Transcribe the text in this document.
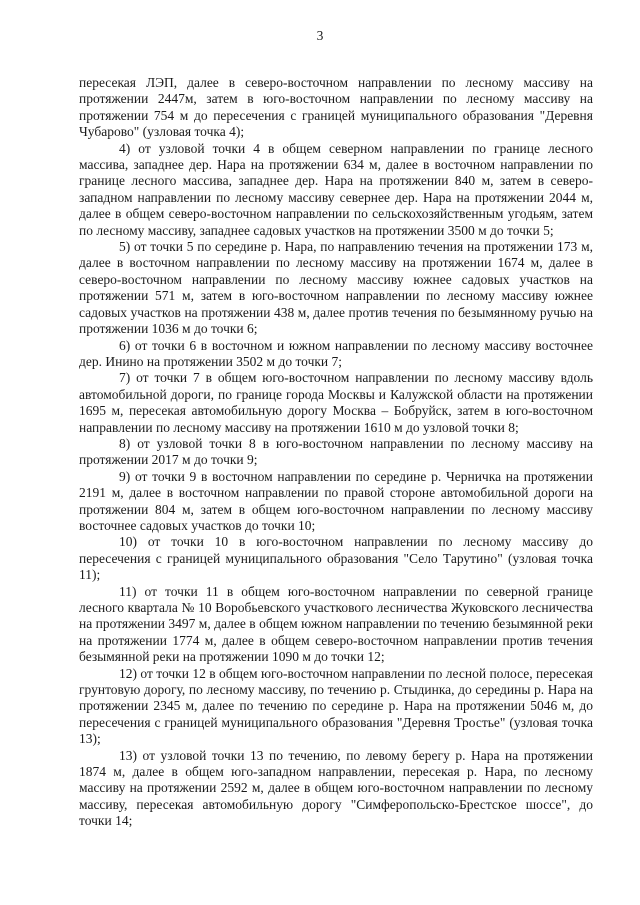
3

пересекая ЛЭП, далее в северо-восточном направлении по лесному массиву на протяжении 2447м, затем в юго-восточном направлении по лесному массиву на протяжении 754 м до пересечения с границей муниципального образования "Деревня Чубарово" (узловая точка 4);

4) от узловой точки 4 в общем северном направлении по границе лесного массива, западнее дер. Нара на протяжении 634 м, далее в восточном направлении по границе лесного массива, западнее дер. Нара на протяжении 840 м, затем в северо-западном направлении по лесному массиву севернее дер. Нара на протяжении 2044 м, далее в общем северо-восточном направлении по сельскохозяйственным угодьям, затем по лесному массиву, западнее садовых участков на протяжении 3500 м до точки 5;

5) от точки 5 по середине р. Нара, по направлению течения на протяжении 173 м, далее в восточном направлении по лесному массиву на протяжении 1674 м, далее в северо-восточном направлении по лесному массиву южнее садовых участков на протяжении 571 м, затем в юго-восточном направлении по лесному массиву южнее садовых участков на протяжении 438 м, далее против течения по безымянному ручью на протяжении 1036 м до точки 6;

6) от точки 6 в восточном и южном направлении по лесному массиву восточнее дер. Инино на протяжении 3502 м до точки 7;

7) от точки 7 в общем юго-восточном направлении по лесному массиву вдоль автомобильной дороги, по границе города Москвы и Калужской области на протяжении 1695 м, пересекая автомобильную дорогу Москва – Бобруйск, затем в юго-восточном направлении по лесному массиву на протяжении 1610 м до узловой точки 8;

8) от узловой точки 8 в юго-восточном направлении по лесному массиву на протяжении 2017 м до точки 9;

9) от точки 9 в восточном направлении по середине р. Черничка на протяжении 2191 м, далее в восточном направлении по правой стороне автомобильной дороги на протяжении 804 м, затем в общем юго-восточном направлении по лесному массиву восточнее садовых участков до точки 10;

10) от точки 10 в юго-восточном направлении по лесному массиву до пересечения с границей муниципального образования "Село Тарутино" (узловая точка 11);

11) от точки 11 в общем юго-восточном направлении по северной границе лесного квартала № 10 Воробьевского участкового лесничества Жуковского лесничества на протяжении 3497 м, далее в общем южном направлении по течению безымянной реки на протяжении 1774 м, далее в общем северо-восточном направлении против течения безымянной реки на протяжении 1090 м до точки 12;

12) от точки 12 в общем юго-восточном направлении по лесной полосе, пересекая грунтовую дорогу, по лесному массиву, по течению р. Стыдинка, до середины р. Нара на протяжении 2345 м, далее по течению по середине р. Нара на протяжении 5046 м, до пересечения с границей муниципального образования "Деревня Тростье" (узловая точка 13);

13) от узловой точки 13 по течению, по левому берегу р. Нара на протяжении 1874 м, далее в общем юго-западном направлении, пересекая р. Нара, по лесному массиву на протяжении 2592 м, далее в общем юго-восточном направлении по лесному массиву, пересекая автомобильную дорогу "Симферопольско-Брестское шоссе", до точки 14;
